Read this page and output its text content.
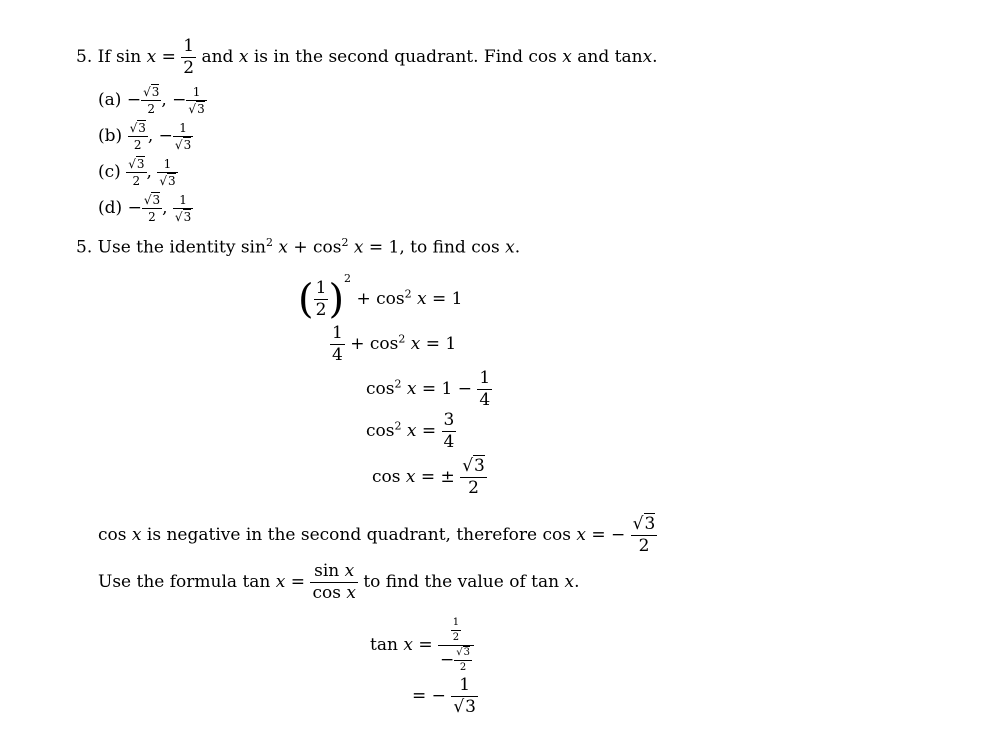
5. If $\sin x = \frac{1}{2}$ and x is in the second quadrant. Find cos x and tanx.
$(a) - \frac{√3}{2}$ , − $\frac{1}{√3}$
$(b) \frac{√3}{2}$ , − $\frac{1}{√3}$
$(c) \frac{√3}{2}$ , $\frac{1}{√3}$
$(d) - \frac{√3}{2}$ , $\frac{1}{√3}$
5. Use the identity $\sin^2 x + \cos^2 x = 1$, to find cos x.
( $\frac{1}{2} )^2 + \cos^2 x = 1$
$\frac{1}{4} + \cos^2 x = 1$
$\cos^2 x = 1 - \frac{1}{4}$
$\cos^2 x = \frac{3}{4}$
cos x = ± $\frac{√3}{2}$
cos x is negative in the second quadrant, therefore cos x = − $\frac{√3}{2}$
Use the formula $\tan x = \frac{\text{sin x}}{\text{cos x}}$ to find the value of tan x.
$\tan x = \frac{\frac{1}{2}}{- \frac{√3}{2}}$
= − $\frac{1}{√3}$
